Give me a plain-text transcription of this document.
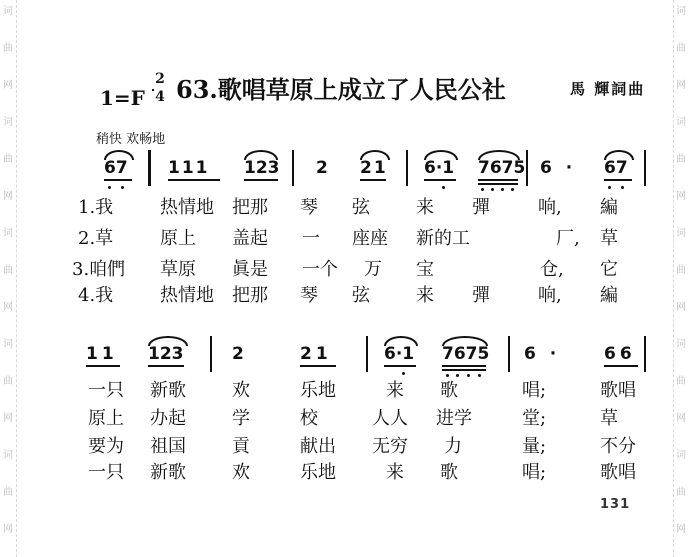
词
曲
网
词
曲
网
词
曲
网
词
曲
网
词
曲
网
词
曲
网
词
曲
网
词
曲
网
词
曲
网
词
曲
网
1=F
2
4 63.歌唱草原上成立了人民公社	馬 輝詞曲
稍快 欢畅地
67 111 123 2 21 6·1 7675 6 · 67
1.我	热情地 把那 琴 弦	来 彈	响, 編
2.草	原上 盖起 一 座座 新的工	厂, 草
3.咱們 草原 眞是 一个 万 宝	仓, 它
4.我	热情地 把那 琴 弦	来 彈	响, 編
11 123	2	21	6·1 7675 6 ·	66
一只 新歌	欢	乐地	来 歌	唱;	歌唱
原上 办起	学	校	人人 进学	堂;	草
要为 祖国	貢	献出 无穷 力	量;	不分
一只 新歌	欢	乐地	来 歌	唱;	歌唱
131
